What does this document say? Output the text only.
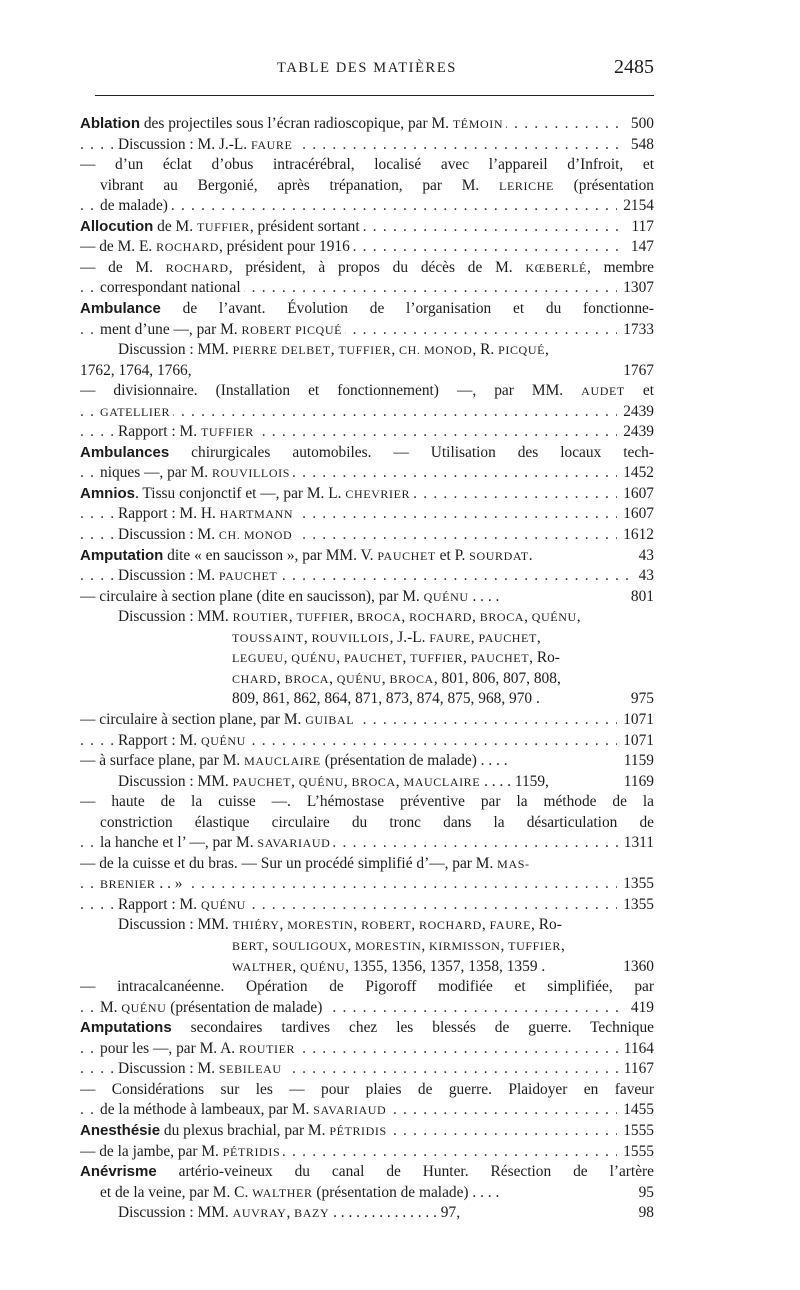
TABLE DES MATIÈRES	2485
. . . Ablation des projectiles sous l’écran radioscopique, par M. TÉMOIN	500
. . . Discussion : M. J.-L. FAURE	548
— d’un éclat d’obus intracérébral, localisé avec l’appareil d’Infroit, et
vibrant au Bergonié, après trépanation, par M. LERICHE (présentation
. . . de malade)	2154
. . . Allocution de M. TUFFIER, président sortant	117
. . . — de M. E. ROCHARD, président pour 1916	147
— de M. ROCHARD, président, à propos du décès de M. KŒBERLÉ, membre
. . . correspondant national	1307
Ambulance de l’avant. Évolution de l’organisation et du fonctionne-
. . . ment d’une —, par M. ROBERT PICQUÉ	1733
Discussion : MM. PIERRE DELBET, TUFFIER, CH. MONOD, R. PICQUÉ,
1762, 1764, 1766,	1767
— divisionnaire. (Installation et fonctionnement) —, par MM. AUDET et
. . . GATELLIER	2439
. . . Rapport : M. TUFFIER	2439
Ambulances chirurgicales automobiles. — Utilisation des locaux tech-
. . . niques —, par M. ROUVILLOIS	1452
. . . Amnios. Tissu conjonctif et —, par M. L. CHEVRIER	1607
. . . Rapport : M. H. HARTMANN	1607
. . . Discussion : M. CH. MONOD	1612
Amputation dite « en saucisson », par MM. V. PAUCHET et P. SOURDAT.	43
. . . Discussion : M. PAUCHET	43
— circulaire à section plane (dite en saucisson), par M. QUÉNU . . . .	801
Discussion : MM. ROUTIER, TUFFIER, BROCA, ROCHARD, BROCA, QUÉNU,
TOUSSAINT, ROUVILLOIS, J.-L. FAURE, PAUCHET,
LEGUEU, QUÉNU, PAUCHET, TUFFIER, PAUCHET, Ro-
CHARD, BROCA, QUÉNU, BROCA, 801, 806, 807, 808,
809, 861, 862, 864, 871, 873, 874, 875, 968, 970 .	975
. . . — circulaire à section plane, par M. GUIBAL	1071
. . . Rapport : M. QUÉNU	1071
— à surface plane, par M. MAUCLAIRE (présentation de malade) . . . .	1159
Discussion : MM. PAUCHET, QUÉNU, BROCA, MAUCLAIRE . . . . 1159,	1169
— haute de la cuisse —. L’hémostase préventive par la méthode de la
constriction élastique circulaire du tronc dans la désarticulation de
. . . la hanche et l’ —, par M. SAVARIAUD	1311
— de la cuisse et du bras. — Sur un procédé simplifié d’—, par M. MAS-
. . . BRENIER . . »	1355
. . . Rapport : M. QUÉNU	1355
Discussion : MM. THIÉRY, MORESTIN, ROBERT, ROCHARD, FAURE, Ro-
BERT, SOULIGOUX, MORESTIN, KIRMISSON, TUFFIER,
WALTHER, QUÉNU, 1355, 1356, 1357, 1358, 1359 .	1360
— intracalcanéenne. Opération de Pigoroff modifiée et simplifiée, par
. . . M. QUÉNU (présentation de malade)	419
Amputations secondaires tardives chez les blessés de guerre. Technique
. . . pour les —, par M. A. ROUTIER	1164
. . . Discussion : M. SEBILEAU	1167
— Considérations sur les — pour plaies de guerre. Plaidoyer en faveur
. . . de la méthode à lambeaux, par M. SAVARIAUD	1455
. . . Anesthésie du plexus brachial, par M. PÉTRIDIS	1555
. . . — de la jambe, par M. PÉTRIDIS	1555
Anévrisme artério-veineux du canal de Hunter. Résection de l’artère
et de la veine, par M. C. WALTHER (présentation de malade) . . . .	95
Discussion : MM. AUVRAY, BAZY . . . . . . . . . . . . . . 97,	98
